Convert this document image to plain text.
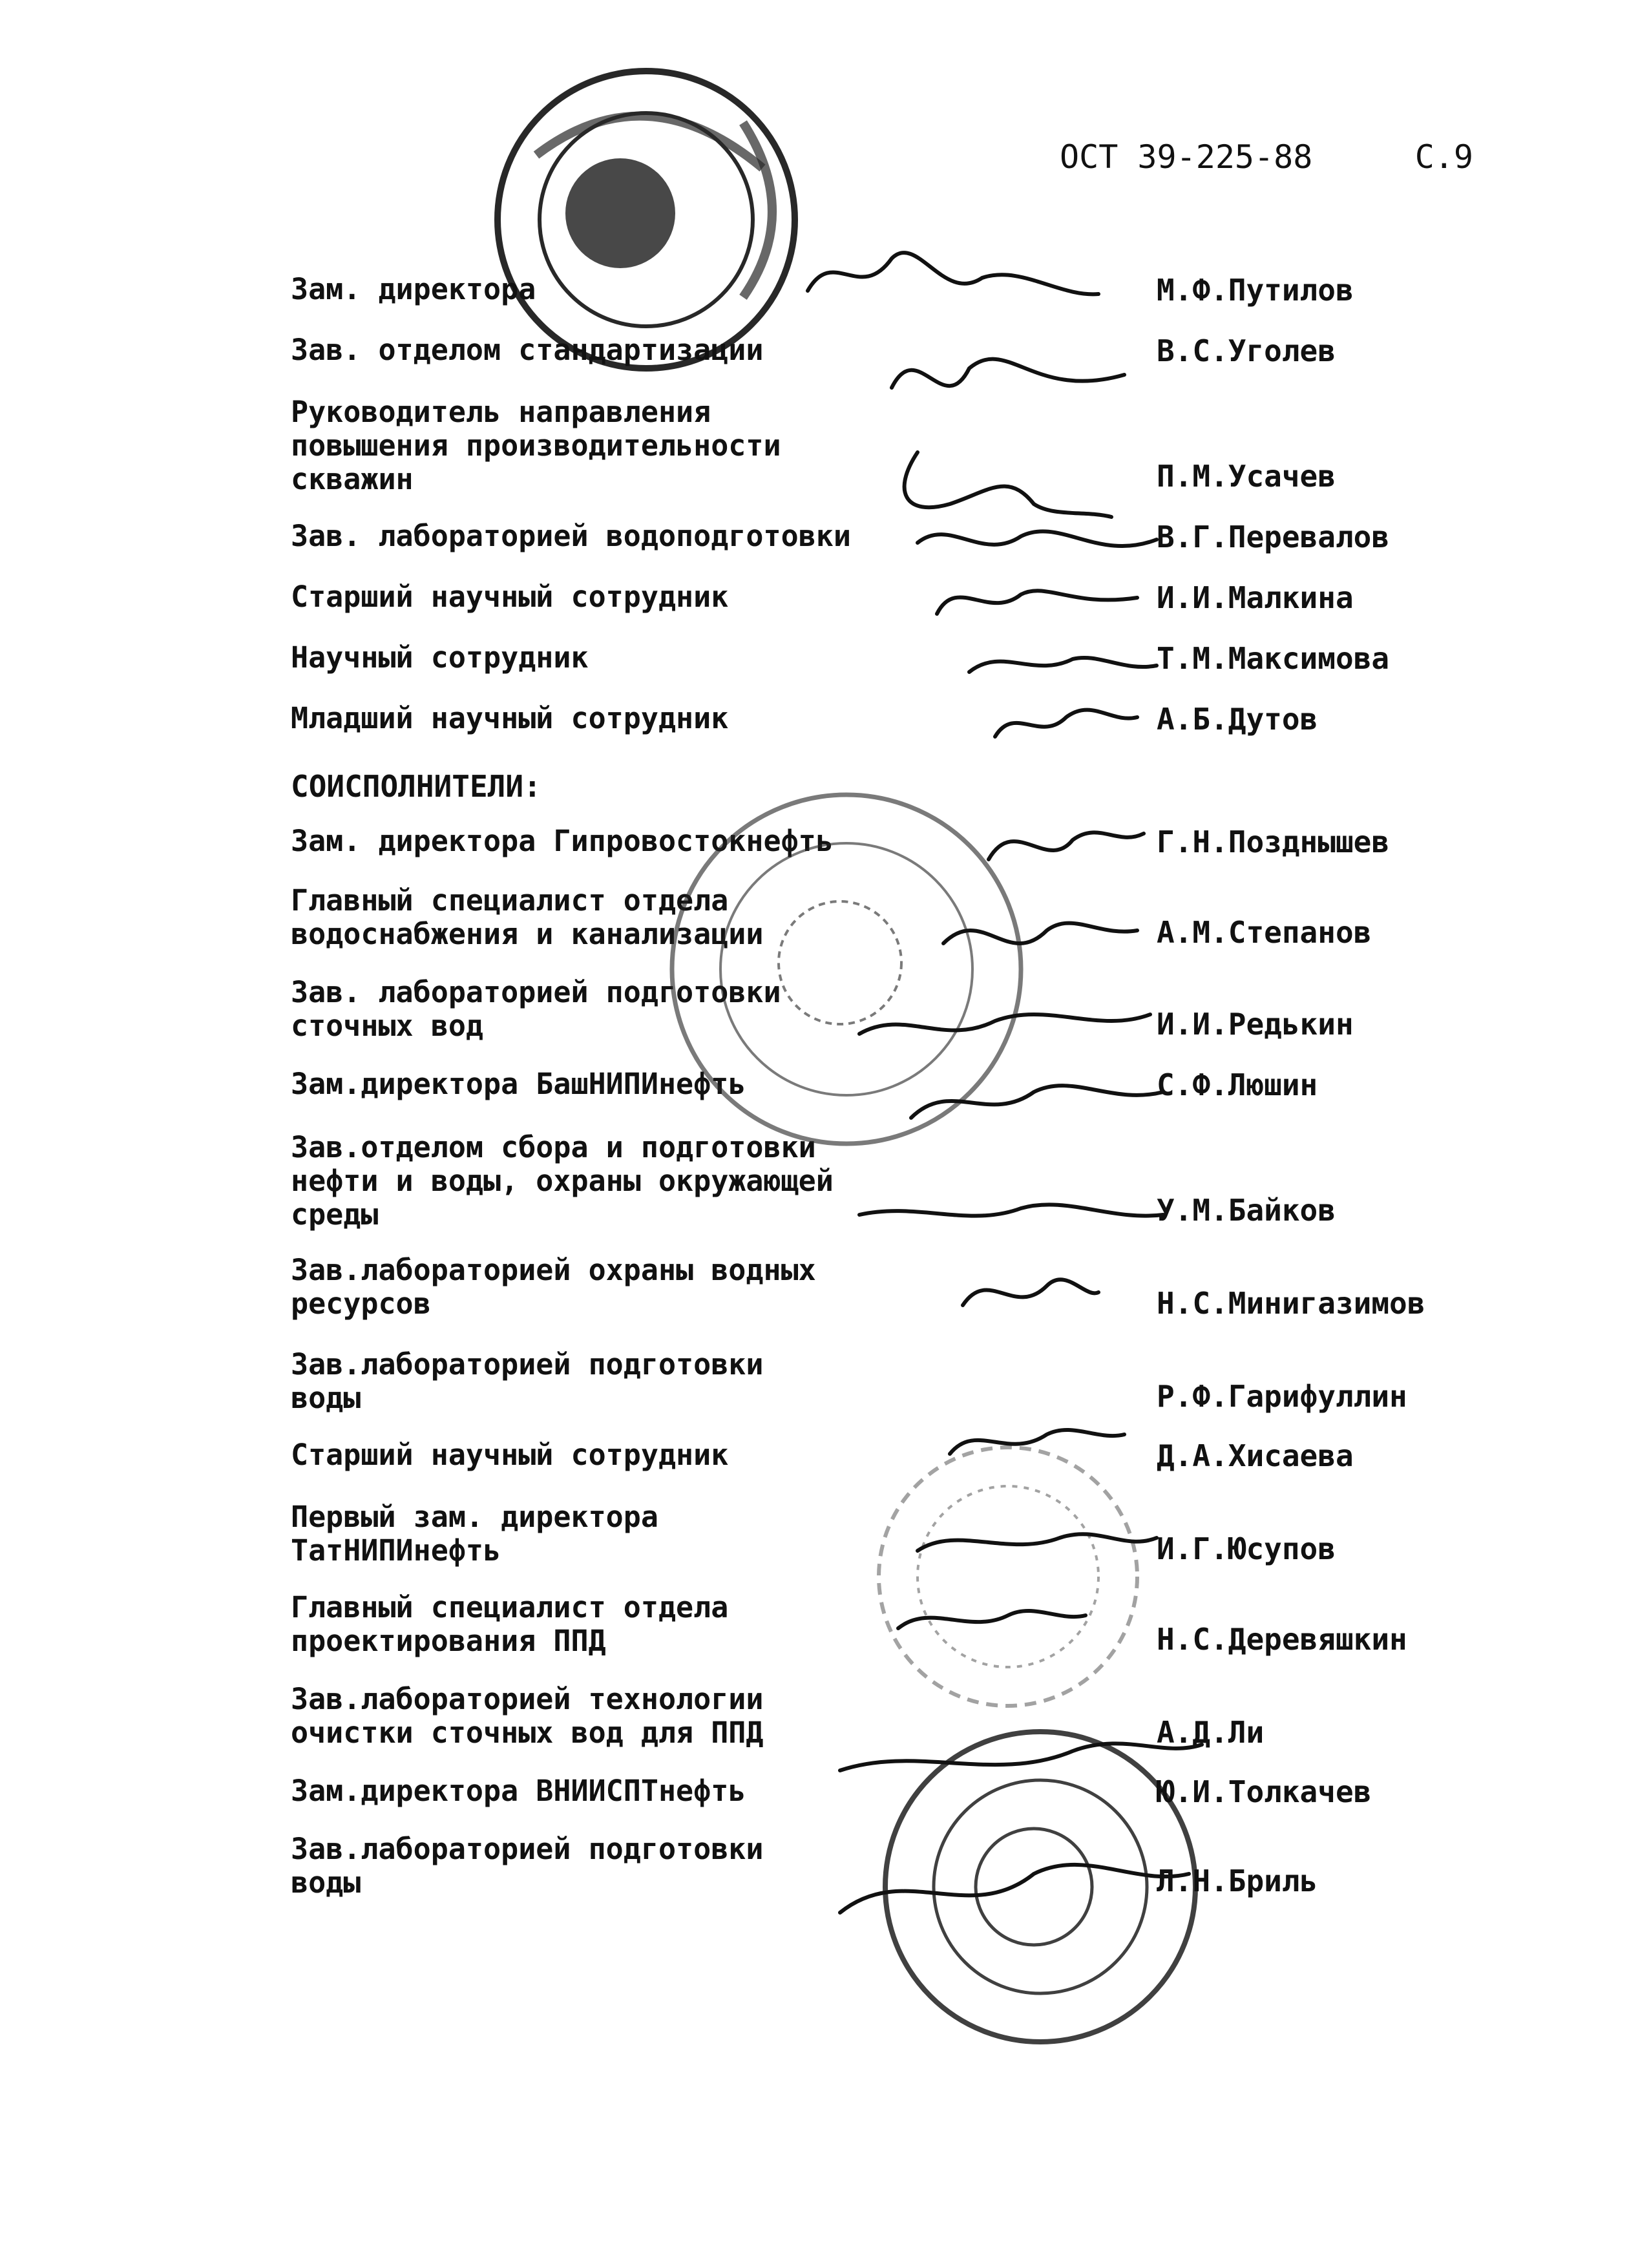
ОСТ 39-225-88	С.9
Зам. директора	М.Ф.Путилов
Зав. отделом стандартизации	В.С.Уголев
Руководитель направления
повышения производительности
скважин	П.М.Усачев
Зав. лабораторией водоподготовки	В.Г.Перевалов
Старший научный сотрудник	И.И.Малкина
Научный сотрудник	Т.М.Максимова
Младший научный сотрудник	А.Б.Дутов
СОИСПОЛНИТЕЛИ:
Зам. директора Гипровостокнефть	Г.Н.Позднышев
Главный специалист отдела
водоснабжения и канализации	А.М.Степанов
Зав. лабораторией подготовки
сточных вод	И.И.Редькин
Зам.директора БашНИПИнефть	С.Ф.Люшин
Зав.отделом сбора и подготовки
нефти и воды, охраны окружающей
среды	У.М.Байков
Зав.лабораторией охраны водных
ресурсов	Н.С.Минигазимов
Зав.лабораторией подготовки
воды	Р.Ф.Гарифуллин
Старший научный сотрудник	Д.А.Хисаева
Первый зам. директора
ТатНИПИнефть	И.Г.Юсупов
Главный специалист отдела
проектирования ППД	Н.С.Деревяшкин
Зав.лабораторией технологии
очистки сточных вод для ППД	А.Д.Ли
Зам.директора ВНИИСПТнефть	Ю.И.Толкачев
Зав.лабораторией подготовки
воды	Л.Н.Бриль
